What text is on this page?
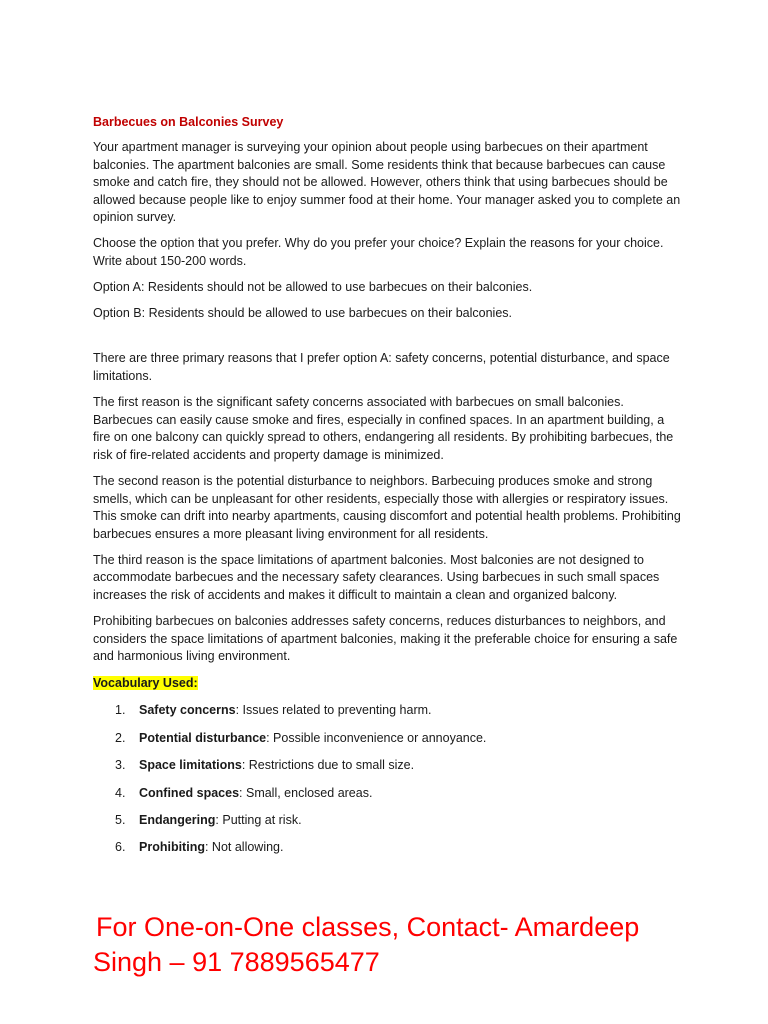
Barbecues on Balconies Survey

Your apartment manager is surveying your opinion about people using barbecues on their apartment balconies. The apartment balconies are small. Some residents think that because barbecues can cause smoke and catch fire, they should not be allowed. However, others think that using barbecues should be allowed because people like to enjoy summer food at their home. Your manager asked you to complete an opinion survey.

Choose the option that you prefer. Why do you prefer your choice? Explain the reasons for your choice. Write about 150-200 words.

Option A: Residents should not be allowed to use barbecues on their balconies.

Option B: Residents should be allowed to use barbecues on their balconies.

There are three primary reasons that I prefer option A: safety concerns, potential disturbance, and space limitations.

The first reason is the significant safety concerns associated with barbecues on small balconies. Barbecues can easily cause smoke and fires, especially in confined spaces. In an apartment building, a fire on one balcony can quickly spread to others, endangering all residents. By prohibiting barbecues, the risk of fire-related accidents and property damage is minimized.

The second reason is the potential disturbance to neighbors. Barbecuing produces smoke and strong smells, which can be unpleasant for other residents, especially those with allergies or respiratory issues. This smoke can drift into nearby apartments, causing discomfort and potential health problems. Prohibiting barbecues ensures a more pleasant living environment for all residents.

The third reason is the space limitations of apartment balconies. Most balconies are not designed to accommodate barbecues and the necessary safety clearances. Using barbecues in such small spaces increases the risk of accidents and makes it difficult to maintain a clean and organized balcony.

Prohibiting barbecues on balconies addresses safety concerns, reduces disturbances to neighbors, and considers the space limitations of apartment balconies, making it the preferable choice for ensuring a safe and harmonious living environment.

Vocabulary Used:
1. Safety concerns: Issues related to preventing harm.
2. Potential disturbance: Possible inconvenience or annoyance.
3. Space limitations: Restrictions due to small size.
4. Confined spaces: Small, enclosed areas.
5. Endangering: Putting at risk.
6. Prohibiting: Not allowing.
For One-on-One classes, Contact- Amardeep
Singh – 91 7889565477
